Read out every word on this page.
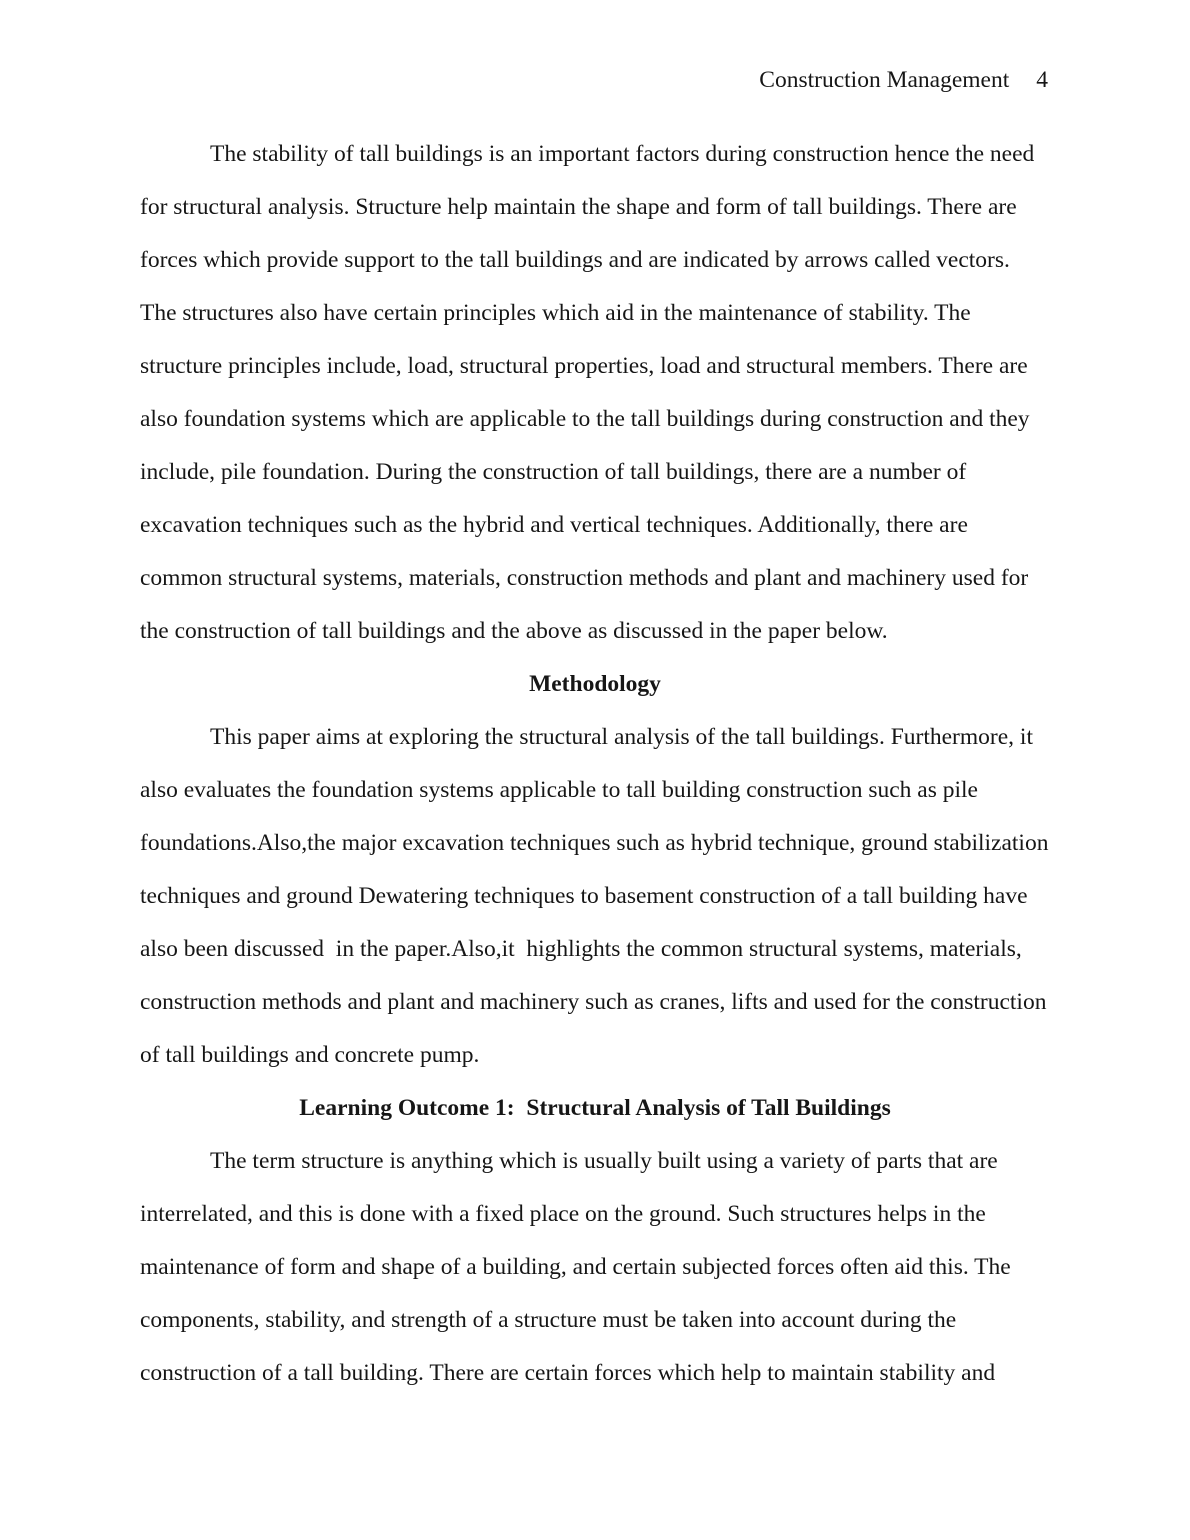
Construction Management 4

The stability of tall buildings is an important factors during construction hence the need for structural analysis. Structure help maintain the shape and form of tall buildings. There are forces which provide support to the tall buildings and are indicated by arrows called vectors. The structures also have certain principles which aid in the maintenance of stability. The structure principles include, load, structural properties, load and structural members. There are also foundation systems which are applicable to the tall buildings during construction and they include, pile foundation. During the construction of tall buildings, there are a number of excavation techniques such as the hybrid and vertical techniques. Additionally, there are common structural systems, materials, construction methods and plant and machinery used for the construction of tall buildings and the above as discussed in the paper below.

Methodology

This paper aims at exploring the structural analysis of the tall buildings. Furthermore, it also evaluates the foundation systems applicable to tall building construction such as pile foundations.Also,the major excavation techniques such as hybrid technique, ground stabilization techniques and ground Dewatering techniques to basement construction of a tall building have also been discussed  in the paper.Also,it  highlights the common structural systems, materials, construction methods and plant and machinery such as cranes, lifts and used for the construction of tall buildings and concrete pump.

Learning Outcome 1:  Structural Analysis of Tall Buildings

The term structure is anything which is usually built using a variety of parts that are interrelated, and this is done with a fixed place on the ground. Such structures helps in the maintenance of form and shape of a building, and certain subjected forces often aid this. The components, stability, and strength of a structure must be taken into account during the construction of a tall building. There are certain forces which help to maintain stability and
